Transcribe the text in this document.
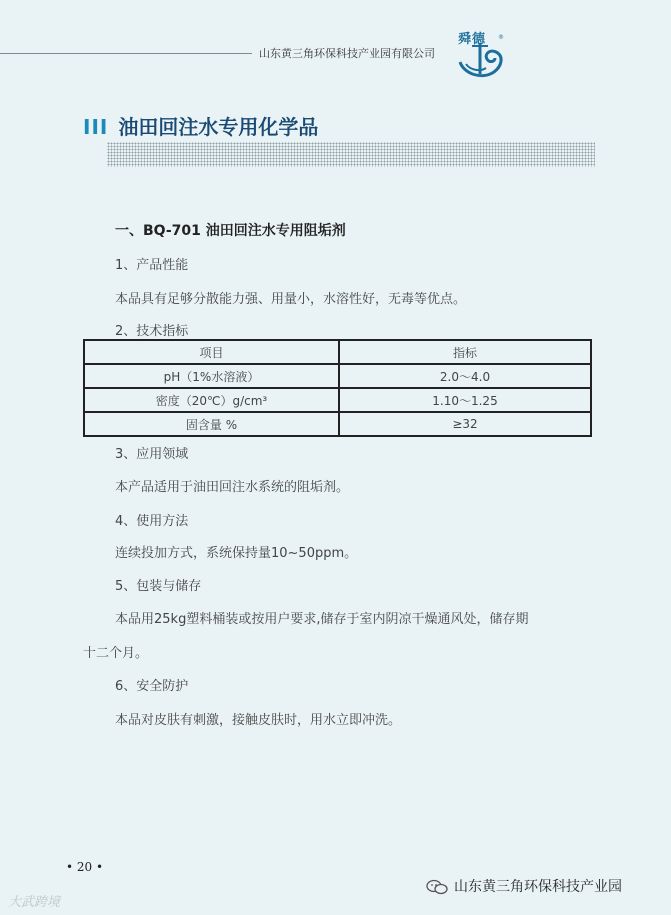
山东黄三角环保科技产业园有限公司
舜德 ®
III 油田回注水专用化学品
一、BQ-701 油田回注水专用阻垢剂
1、产品性能
本品具有足够分散能力强、用量小，水溶性好，无毒等优点。
2、技术指标
项目	指标
pH（1%水溶液）	2.0～4.0
密度（20℃）g/cm³	1.10～1.25
固含量 %	≥32
3、应用领域
本产品适用于油田回注水系统的阻垢剂。
4、使用方法
连续投加方式，系统保持量10~50ppm。
5、包装与储存
本品用25kg塑料桶装或按用户要求,储存于室内阴凉干燥通风处，储存期
十二个月。
6、安全防护
本品对皮肤有刺激，接触皮肤时，用水立即冲洗。
• 20 •
大武跨境
山东黄三角环保科技产业园
